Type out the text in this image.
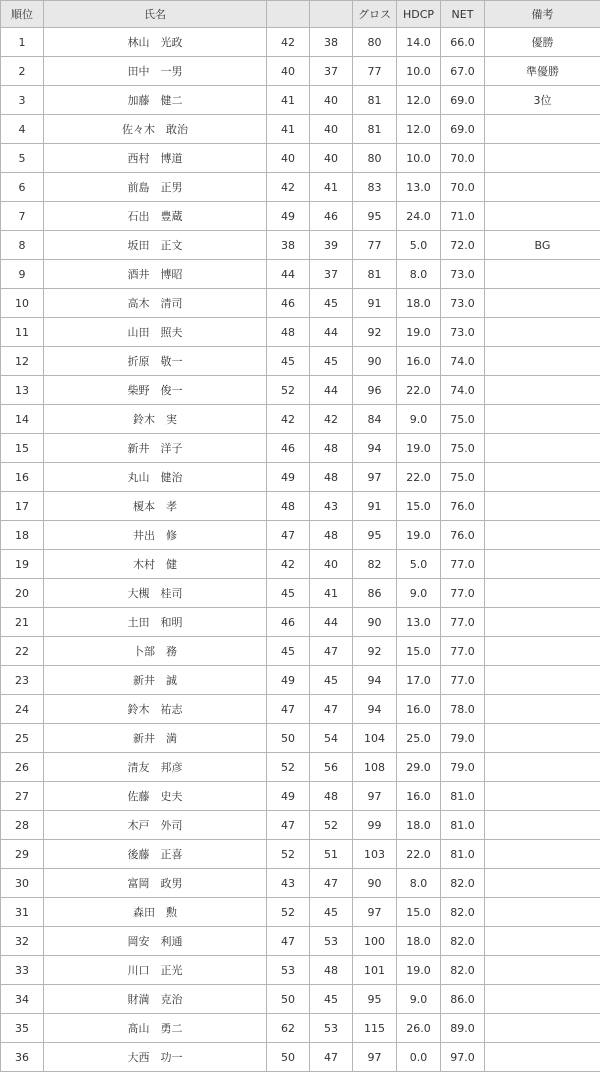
順位	氏名			グロス	HDCP	NET	備考
1	林山　光政	42	38	80	14.0	66.0	優勝
2	田中　一男	40	37	77	10.0	67.0	準優勝
3	加藤　健二	41	40	81	12.0	69.0	3位
4	佐々木　敢治	41	40	81	12.0	69.0	
5	西村　博道	40	40	80	10.0	70.0	
6	前島　正男	42	41	83	13.0	70.0	
7	石出　豊蔵	49	46	95	24.0	71.0	
8	坂田　正文	38	39	77	5.0	72.0	BG
9	酒井　博昭	44	37	81	8.0	73.0	
10	高木　清司	46	45	91	18.0	73.0	
11	山田　照夫	48	44	92	19.0	73.0	
12	折原　敬一	45	45	90	16.0	74.0	
13	柴野　俊一	52	44	96	22.0	74.0	
14	鈴木　実	42	42	84	9.0	75.0	
15	新井　洋子	46	48	94	19.0	75.0	
16	丸山　健治	49	48	97	22.0	75.0	
17	榎本　孝	48	43	91	15.0	76.0	
18	井出　修	47	48	95	19.0	76.0	
19	木村　健	42	40	82	5.0	77.0	
20	大槻　桂司	45	41	86	9.0	77.0	
21	土田　和明	46	44	90	13.0	77.0	
22	卜部　務	45	47	92	15.0	77.0	
23	新井　誠	49	45	94	17.0	77.0	
24	鈴木　祐志	47	47	94	16.0	78.0	
25	新井　満	50	54	104	25.0	79.0	
26	清友　邦彦	52	56	108	29.0	79.0	
27	佐藤　史夫	49	48	97	16.0	81.0	
28	木戸　外司	47	52	99	18.0	81.0	
29	後藤　正喜	52	51	103	22.0	81.0	
30	富岡　政男	43	47	90	8.0	82.0	
31	森田　勲	52	45	97	15.0	82.0	
32	岡安　利通	47	53	100	18.0	82.0	
33	川口　正光	53	48	101	19.0	82.0	
34	財満　克治	50	45	95	9.0	86.0	
35	髙山　勇二	62	53	115	26.0	89.0	
36	大西　功一	50	47	97	0.0	97.0	
